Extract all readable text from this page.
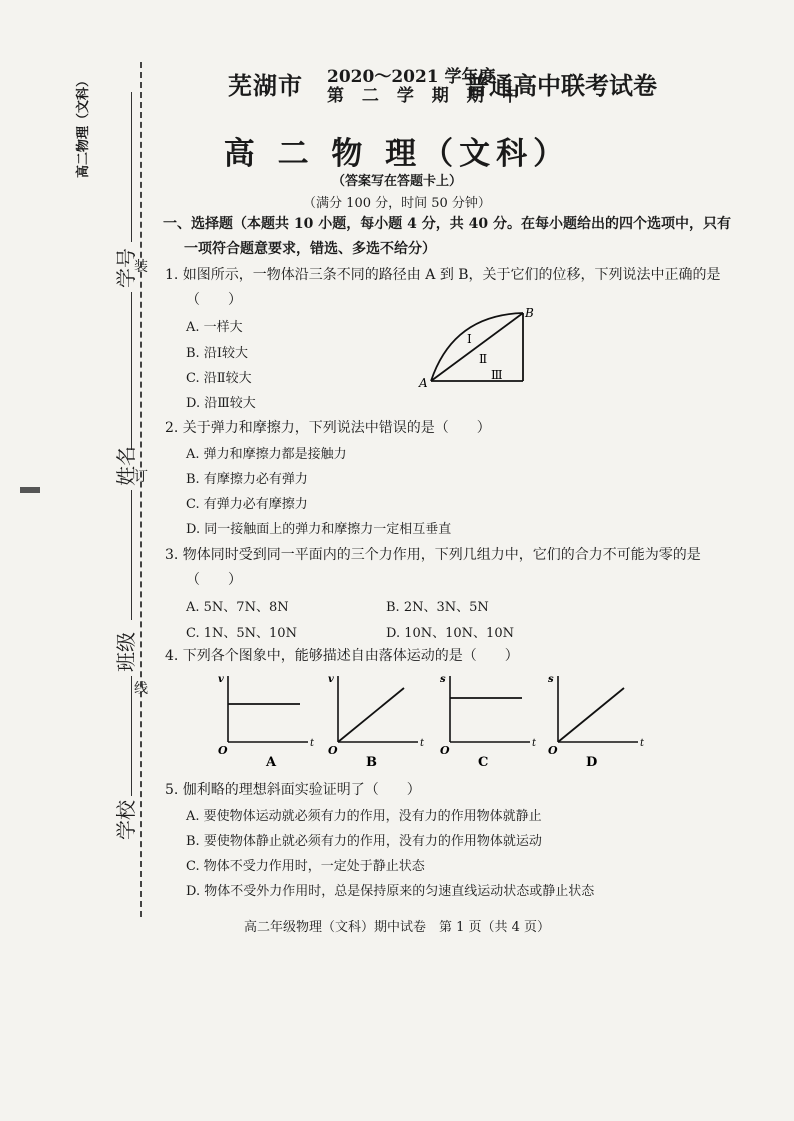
高二物理（文科）
学号
姓名
班级
学校
装
订
线
芜湖市 2020～2021 学年度
第 二 学 期 期 中
普通高中联考试卷
高 二 物 理（文科）
（答案写在答题卡上）
（满分 100 分，时间 50 分钟）
一、选择题（本题共 10 小题，每小题 4 分，共 40 分。在每小题给出的四个选项中，只有
一项符合题意要求，错选、多选不给分）
1. 如图所示，一物体沿三条不同的路径由 A 到 B，关于它们的位移，下列说法中正确的是
（　　）
A. 一样大
B. 沿Ⅰ较大
C. 沿Ⅱ较大
D. 沿Ⅲ较大
A
B
Ⅰ
Ⅱ
Ⅲ
2. 关于弹力和摩擦力，下列说法中错误的是（　　）
A. 弹力和摩擦力都是接触力
B. 有摩擦力必有弹力
C. 有弹力必有摩擦力
D. 同一接触面上的弹力和摩擦力一定相互垂直
3. 物体同时受到同一平面内的三个力作用，下列几组力中，它们的合力不可能为零的是
（　　）
A. 5N、7N、8N	B. 2N、3N、5N
C. 1N、5N、10N	D. 10N、10N、10N
4. 下列各个图象中，能够描述自由落体运动的是（　　）
v
t
O
A
v
t
O
B
s
t
O
C
s
t
O
D
5. 伽利略的理想斜面实验证明了（　　）
A. 要使物体运动就必须有力的作用，没有力的作用物体就静止
B. 要使物体静止就必须有力的作用，没有力的作用物体就运动
C. 物体不受力作用时，一定处于静止状态
D. 物体不受外力作用时，总是保持原来的匀速直线运动状态或静止状态
高二年级物理（文科）期中试卷　第 1 页（共 4 页）
